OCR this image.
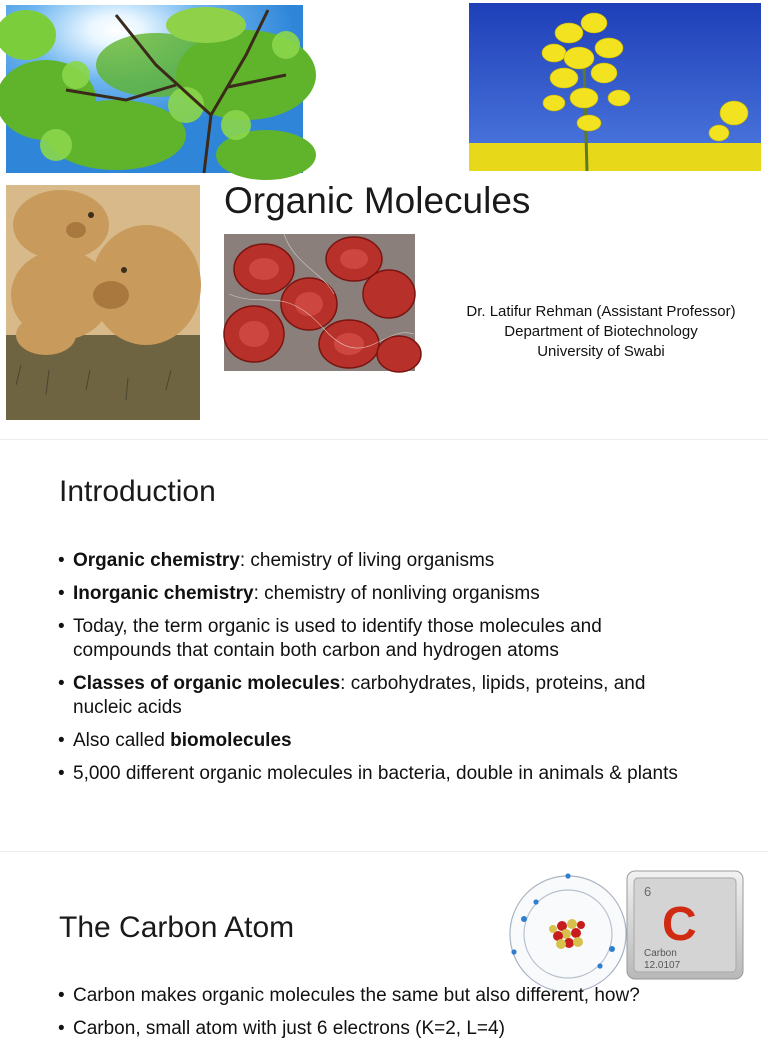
Organic Molecules
Dr. Latifur Rehman (Assistant Professor)
Department of Biotechnology
University of Swabi
Introduction
• Organic chemistry: chemistry of living organisms
• Inorganic chemistry: chemistry of nonliving organisms
• Today, the term organic is used to identify those molecules and compounds that contain both carbon and hydrogen atoms
• Classes of organic molecules: carbohydrates, lipids, proteins, and nucleic acids
• Also called biomolecules
• 5,000 different organic molecules in bacteria, double in animals & plants
The Carbon Atom
6
C
Carbon
12.0107
• Carbon makes organic molecules the same but also different, how?
• Carbon, small atom with just 6 electrons (K=2, L=4)
